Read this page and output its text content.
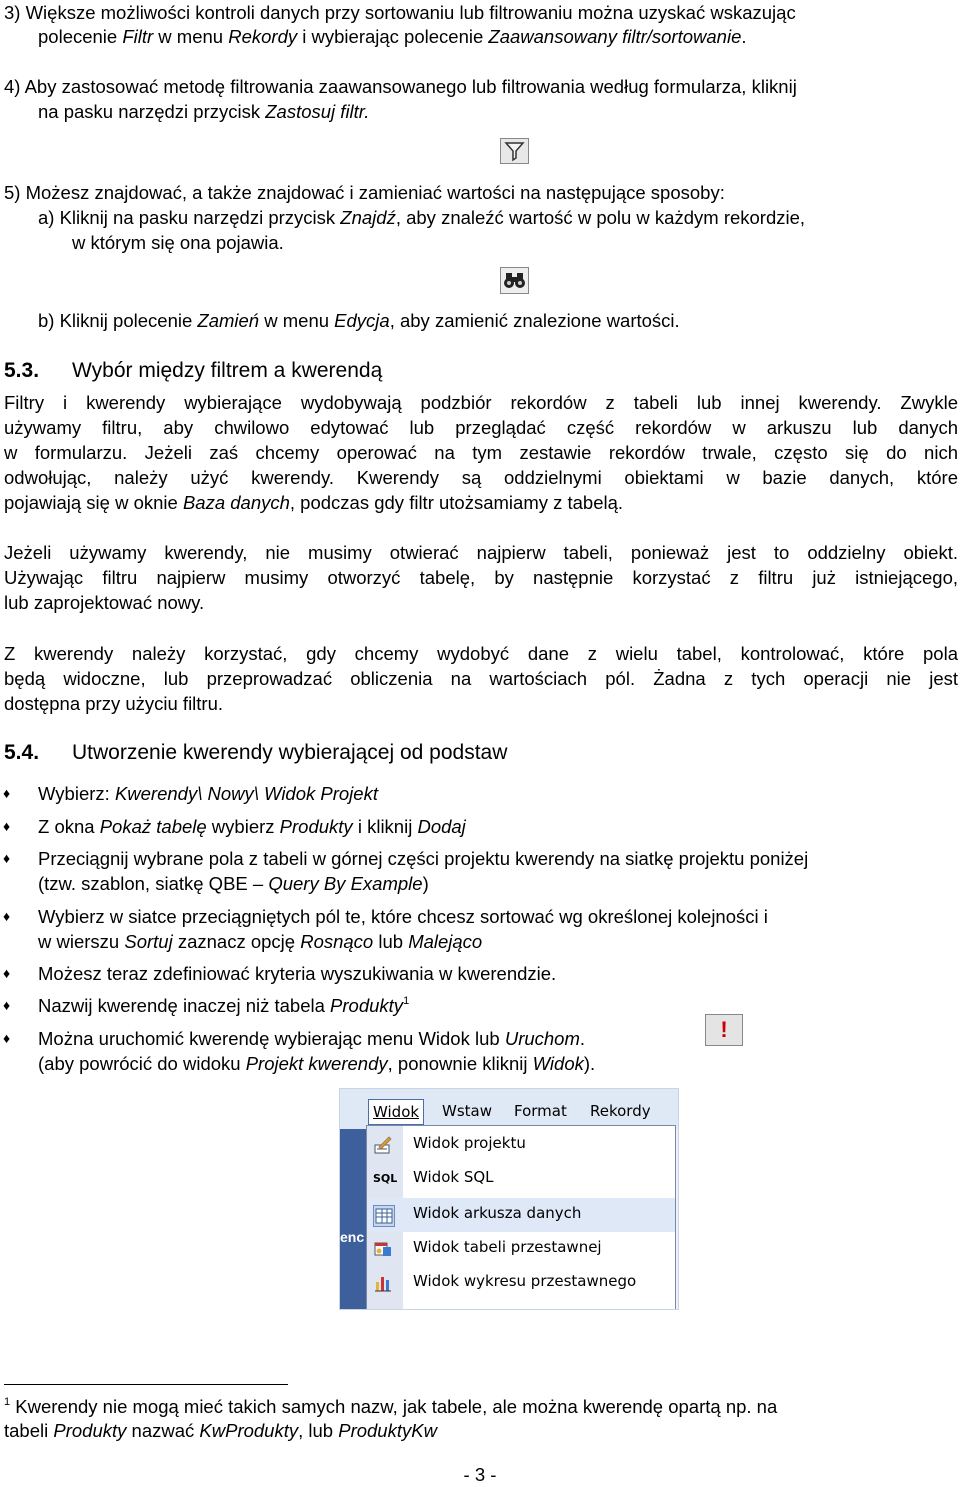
3) Większe możliwości kontroli danych przy sortowaniu lub filtrowaniu można uzyskać wskazując
polecenie Filtr w menu Rekordy i wybierając polecenie Zaawansowany filtr/sortowanie.
4) Aby zastosować metodę filtrowania zaawansowanego lub filtrowania według formularza, kliknij
na pasku narzędzi przycisk Zastosuj filtr.
5) Możesz znajdować, a także znajdować i zamieniać wartości na następujące sposoby:
a) Kliknij na pasku narzędzi przycisk Znajdź, aby znaleźć wartość w polu w każdym rekordzie,
w którym się ona pojawia.
b) Kliknij polecenie Zamień w menu Edycja, aby zamienić znalezione wartości.
5.3. Wybór między filtrem a kwerendą
Filtry i kwerendy wybierające wydobywają podzbiór rekordów z tabeli lub innej kwerendy. Zwykle
używamy filtru, aby chwilowo edytować lub przeglądać część rekordów w arkuszu lub danych
w formularzu. Jeżeli zaś chcemy operować na tym zestawie rekordów trwale, często się do nich
odwołując, należy użyć kwerendy. Kwerendy są oddzielnymi obiektami w bazie danych, które
pojawiają się w oknie Baza danych, podczas gdy filtr utożsamiamy z tabelą.
Jeżeli używamy kwerendy, nie musimy otwierać najpierw tabeli, ponieważ jest to oddzielny obiekt.
Używając filtru najpierw musimy otworzyć tabelę, by następnie korzystać z filtru już istniejącego,
lub zaprojektować nowy.
Z kwerendy należy korzystać, gdy chcemy wydobyć dane z wielu tabel, kontrolować, które pola
będą widoczne, lub przeprowadzać obliczenia na wartościach pól. Żadna z tych operacji nie jest
dostępna przy użyciu filtru.
5.4. Utworzenie kwerendy wybierającej od podstaw
♦ Wybierz: Kwerendy\ Nowy\ Widok Projekt
♦ Z okna Pokaż tabelę wybierz Produkty i kliknij Dodaj
♦ Przeciągnij wybrane pola z tabeli w górnej części projektu kwerendy na siatkę projektu poniżej
(tzw. szablon, siatkę QBE – Query By Example)
♦ Wybierz w siatce przeciągniętych pól te, które chcesz sortować wg określonej kolejności i
w wierszu Sortuj zaznacz opcję Rosnąco lub Malejąco
♦ Możesz teraz zdefiniować kryteria wyszukiwania w kwerendzie.
♦ Nazwij kwerendę inaczej niż tabela Produkty$^1$
♦ Można uruchomić kwerendę wybierając menu Widok lub Uruchom.
(aby powrócić do widoku Projekt kwerendy, ponownie kliknij Widok).
!
Widok	Wstaw Format Rekordy
enc
Widok projektu
SQL Widok SQL
Widok arkusza danych
Widok tabeli przestawnej
Widok wykresu przestawnego
$^1$ Kwerendy nie mogą mieć takich samych nazw, jak tabele, ale można kwerendę opartą np. na
tabeli Produkty nazwać KwProdukty, lub ProduktyKw
- 3 -
